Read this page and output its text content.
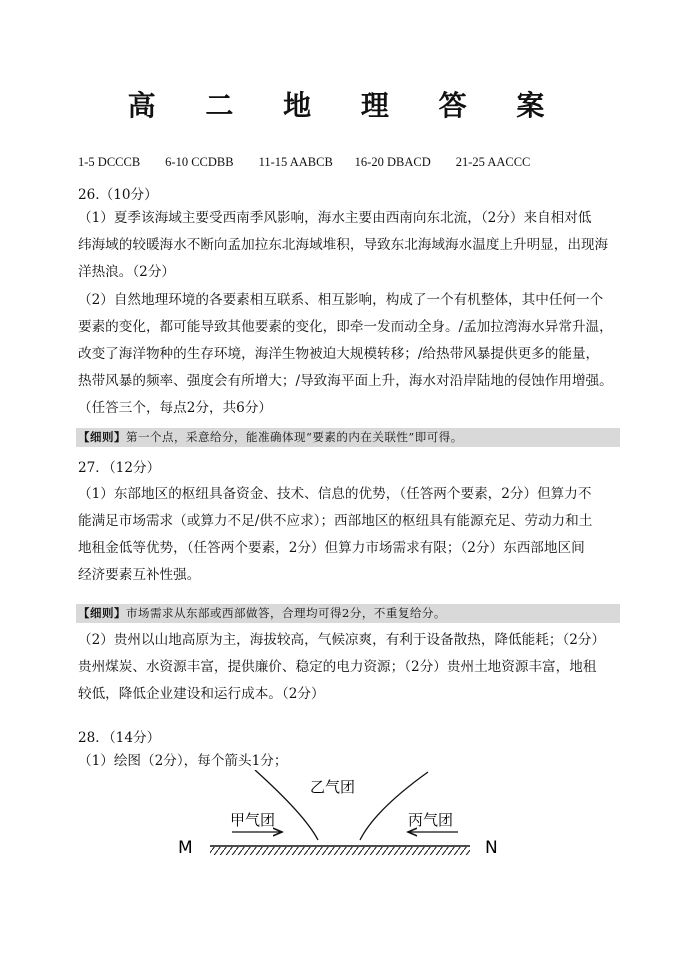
高 二 地 理 答 案
1-5 DCCCB 6-10 CCDBB 11-15 AABCB 16-20 DBACD 21-25 AACCC
26.（10分）
（1）夏季该海域主要受西南季风影响，海水主要由西南向东北流，（2分）来自相对低
纬海域的较暖海水不断向孟加拉东北海域堆积，导致东北海域海水温度上升明显，出现海
洋热浪。（2分）
（2）自然地理环境的各要素相互联系、相互影响，构成了一个有机整体，其中任何一个
要素的变化，都可能导致其他要素的变化，即牵一发而动全身。/孟加拉湾海水异常升温，
改变了海洋物种的生存环境，海洋生物被迫大规模转移；/给热带风暴提供更多的能量，
热带风暴的频率、强度会有所增大；/导致海平面上升，海水对沿岸陆地的侵蚀作用增强。
（任答三个，每点2分，共6分）
【细则】第一个点，采意给分，能准确体现“要素的内在关联性”即可得。
27．（12分）
（1）东部地区的枢纽具备资金、技术、信息的优势，（任答两个要素，2分）但算力不
能满足市场需求（或算力不足/供不应求）；西部地区的枢纽具有能源充足、劳动力和土
地租金低等优势，（任答两个要素，2分）但算力市场需求有限；（2分）东西部地区间
经济要素互补性强。
【细则】市场需求从东部或西部做答，合理均可得2分，不重复给分。
（2）贵州以山地高原为主，海拔较高，气候凉爽，有利于设备散热，降低能耗；（2分）
贵州煤炭、水资源丰富，提供廉价、稳定的电力资源；（2分）贵州土地资源丰富，地租
较低，降低企业建设和运行成本。（2分）
28．（14分）
（1）绘图（2分），每个箭头1分；
乙气团
甲气团	丙气团
M	N
